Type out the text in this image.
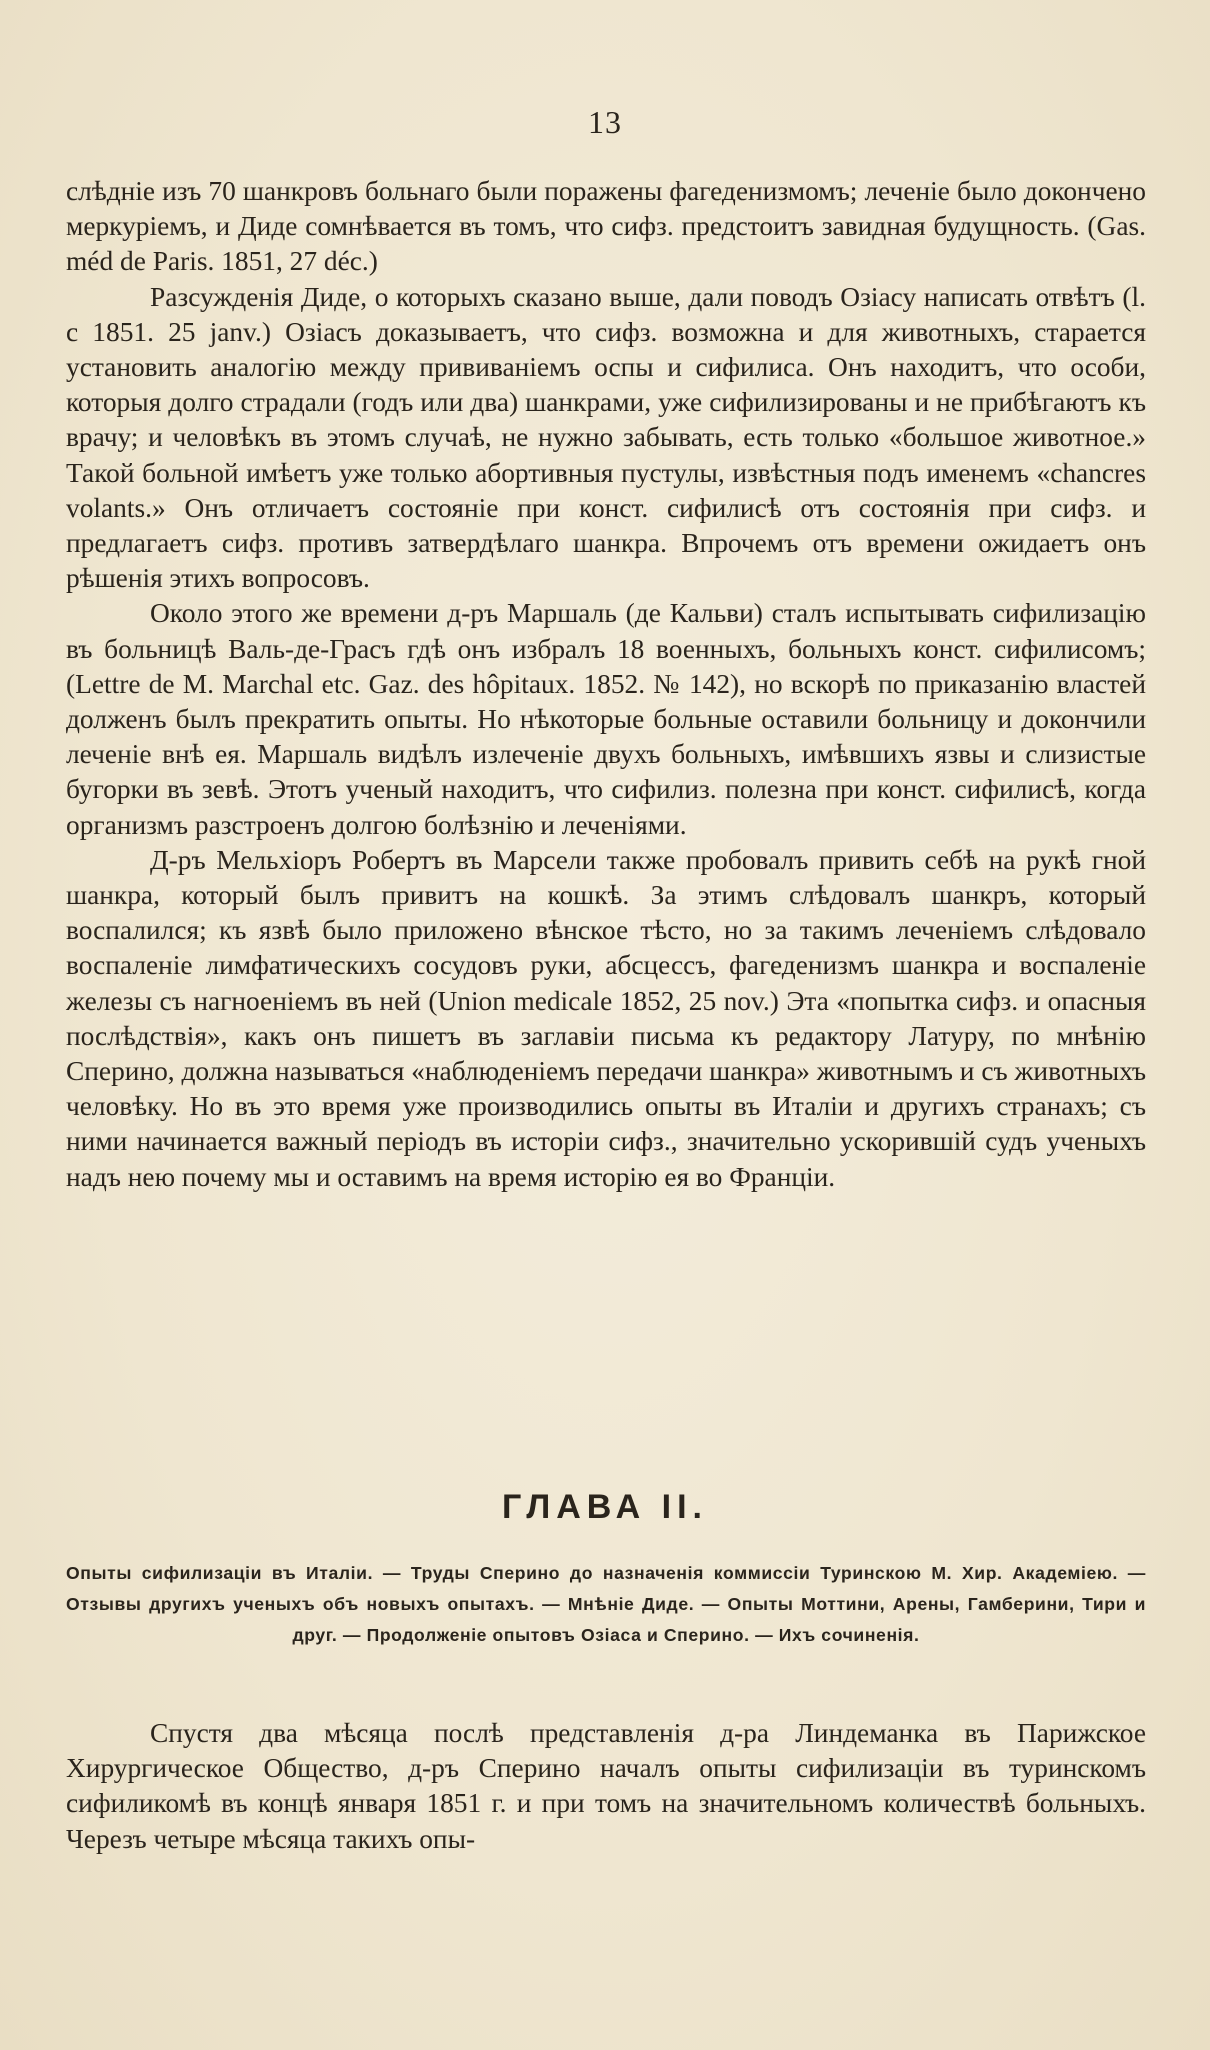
13

слѣдніе изъ 70 шанкровъ больнаго были поражены фагеденизмомъ; леченіе было докончено меркуріемъ, и Диде сомнѣвается въ томъ, что сифз. предстоитъ завидная будущность. (Gas. méd de Paris. 1851, 27 déc.)

Разсужденія Диде, о которыхъ сказано выше, дали поводъ Озіасу написать отвѣтъ (l. c 1851. 25 janv.) Озіасъ доказываетъ, что сифз. возможна и для животныхъ, старается установить аналогію между прививаніемъ оспы и сифилиса. Онъ находитъ, что особи, которыя долго страдали (годъ или два) шанкрами, уже сифилизированы и не прибѣгаютъ къ врачу; и человѣкъ въ этомъ случаѣ, не нужно забывать, есть только «большое животное.» Такой больной имѣетъ уже только абортивныя пустулы, извѣстныя подъ именемъ «chancres volants.» Онъ отличаетъ состояніе при конст. сифилисѣ отъ состоянія при сифз. и предлагаетъ сифз. противъ затвердѣлаго шанкра. Впрочемъ отъ времени ожидаетъ онъ рѣшенія этихъ вопросовъ.

Около этого же времени д-ръ Маршаль (де Кальви) сталъ испытывать сифилизацію въ больницѣ Валь-де-Грасъ гдѣ онъ избралъ 18 военныхъ, больныхъ конст. сифилисомъ; (Lettre de M. Marchal etc. Gaz. des hôpitaux. 1852. № 142), но вскорѣ по приказанію властей долженъ былъ прекратить опыты. Но нѣкоторые больные оставили больницу и докончили леченіе внѣ ея. Маршаль видѣлъ излеченіе двухъ больныхъ, имѣвшихъ язвы и слизистые бугорки въ зевѣ. Этотъ ученый находитъ, что сифилиз. полезна при конст. сифилисѣ, когда организмъ разстроенъ долгою болѣзнію и леченіями.

Д-ръ Мельхіоръ Робертъ въ Марсели также пробовалъ привить себѣ на рукѣ гной шанкра, который былъ привитъ на кошкѣ. За этимъ слѣдовалъ шанкръ, который воспалился; къ язвѣ было приложено вѣнское тѣсто, но за такимъ леченіемъ слѣдовало воспаленіе лимфатическихъ сосудовъ руки, абсцессъ, фагеденизмъ шанкра и воспаленіе железы съ нагноеніемъ въ ней (Union medicale 1852, 25 nov.) Эта «попытка сифз. и опасныя послѣдствія», какъ онъ пишетъ въ заглавіи письма къ редактору Латуру, по мнѣнію Сперино, должна называться «наблюденіемъ передачи шанкра» животнымъ и съ животныхъ человѣку. Но въ это время уже производились опыты въ Италіи и другихъ странахъ; съ ними начинается важный періодъ въ исторіи сифз., значительно ускорившій судъ ученыхъ надъ нею почему мы и оставимъ на время исторію ея во Франціи.

ГЛАВА II.
Опыты сифилизаціи въ Италіи. — Труды Сперино до назначенія коммиссіи Туринскою М. Хир. Академіею. — Отзывы другихъ ученыхъ объ новыхъ опытахъ. — Мнѣніе Диде. — Опыты Моттини, Арены, Гамберини, Тири и друг. — Продолженіе опытовъ Озіаса и Сперино. — Ихъ сочиненія.

Спустя два мѣсяца послѣ представленія д-ра Линдеманка въ Парижское Хирургическое Общество, д-ръ Сперино началъ опыты сифилизаціи въ туринскомъ сифиликомѣ въ концѣ января 1851 г. и при томъ на значительномъ количествѣ больныхъ. Черезъ четыре мѣсяца такихъ опы-
